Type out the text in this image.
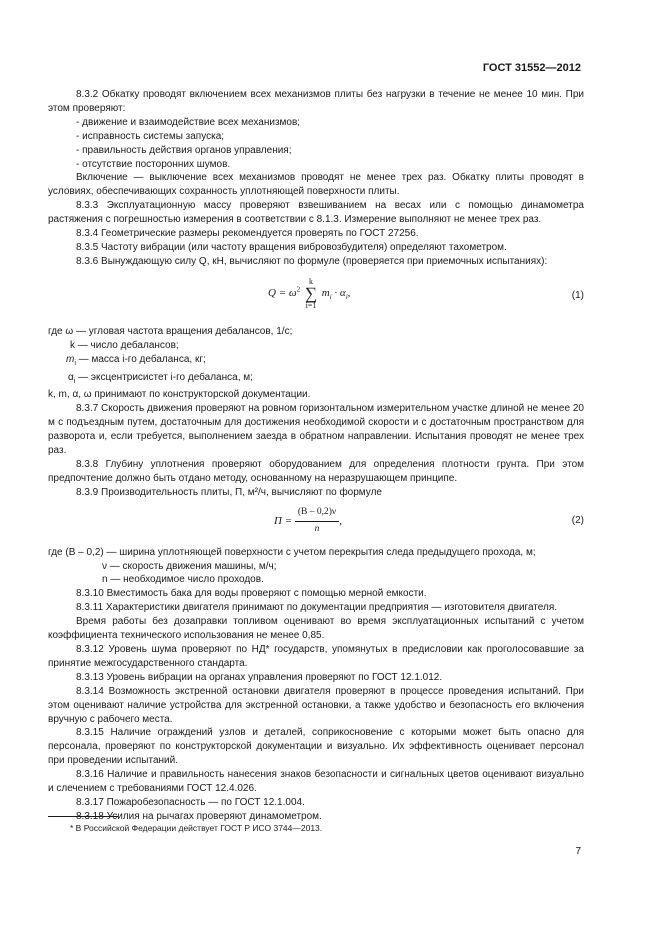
ГОСТ 31552—2012

8.3.2 Обкатку проводят включением всех механизмов плиты без нагрузки в течение не менее 10 мин. При этом проверяют:

- движение и взаимодействие всех механизмов;

- исправность системы запуска;

- правильность действия органов управления;

- отсутствие посторонних шумов.

Включение — выключение всех механизмов проводят не менее трех раз. Обкатку плиты проводят в условиях, обеспечивающих сохранность уплотняющей поверхности плиты.

8.3.3 Эксплуатационную массу проверяют взвешиванием на весах или с помощью динамометра растяжения с погрешностью измерения в соответствии с 8.1.3. Измерение выполняют не менее трех раз.

8.3.4 Геометрические размеры рекомендуется проверять по ГОСТ 27256.

8.3.5 Частоту вибрации (или частоту вращения вибровозбудителя) определяют тахометром.

8.3.6 Вынуждающую силу Q, кН, вычисляют по формуле (проверяется при приемочных испытаниях):

$Q = \omega^2$ k
∑
i=1 $m_i \cdot \alpha_i$,	(1)

где ω — угловая частота вращения дебалансов, 1/с;

k — число дебалансов;

$m_i$ — масса i-го дебаланса, кг;

$\alpha_i$ — эксцентрисистет i-го дебаланса, м;

k, m, α, ω принимают по конструкторской документации.

8.3.7 Скорость движения проверяют на ровном горизонтальном измерительном участке длиной не менее 20 м с подъездным путем, достаточным для достижения необходимой скорости и с достаточным пространством для разворота и, если требуется, выполнением заезда в обратном направлении. Испытания проводят не менее трех раз.

8.3.8 Глубину уплотнения проверяют оборудованием для определения плотности грунта. При этом предпочтение должно быть отдано методу, основанному на неразрушающем принципе.

8.3.9 Производительность плиты, П, м²/ч, вычисляют по формуле

$П = \frac{(B - 0,2)\nu}{n}$ ,	(2)

где (B – 0,2) — ширина уплотняющей поверхности с учетом перекрытия следа предыдущего прохода, м;

ν — скорость движения машины, м/ч;

n — необходимое число проходов.

8.3.10 Вместимость бака для воды проверяют с помощью мерной емкости.

8.3.11 Характеристики двигателя принимают по документации предприятия — изготовителя двигателя.

Время работы без дозаправки топливом оценивают во время эксплуатационных испытаний с учетом коэффициента технического использования не менее 0,85.

8.3.12 Уровень шума проверяют по НД* государств, упомянутых в предисловии как проголосовавшие за принятие межгосударственного стандарта.

8.3.13 Уровень вибрации на органах управления проверяют по ГОСТ 12.1.012.

8.3.14 Возможность экстренной остановки двигателя проверяют в процессе проведения испытаний. При этом оценивают наличие устройства для экстренной остановки, а также удобство и безопасность его включения вручную с рабочего места.

8.3.15 Наличие ограждений узлов и деталей, соприкосновение с которыми может быть опасно для персонала, проверяют по конструкторской документации и визуально. Их эффективность оценивает персонал при проведении испытаний.

8.3.16 Наличие и правильность нанесения знаков безопасности и сигнальных цветов оценивают визуально и слечением с требованиями ГОСТ 12.4.026.

8.3.17 Пожаробезопасность — по ГОСТ 12.1.004.

8.3.18 Усилия на рычагах проверяют динамометром.

* В Российской Федерации действует ГОСТ Р ИСО 3744—2013.
7
